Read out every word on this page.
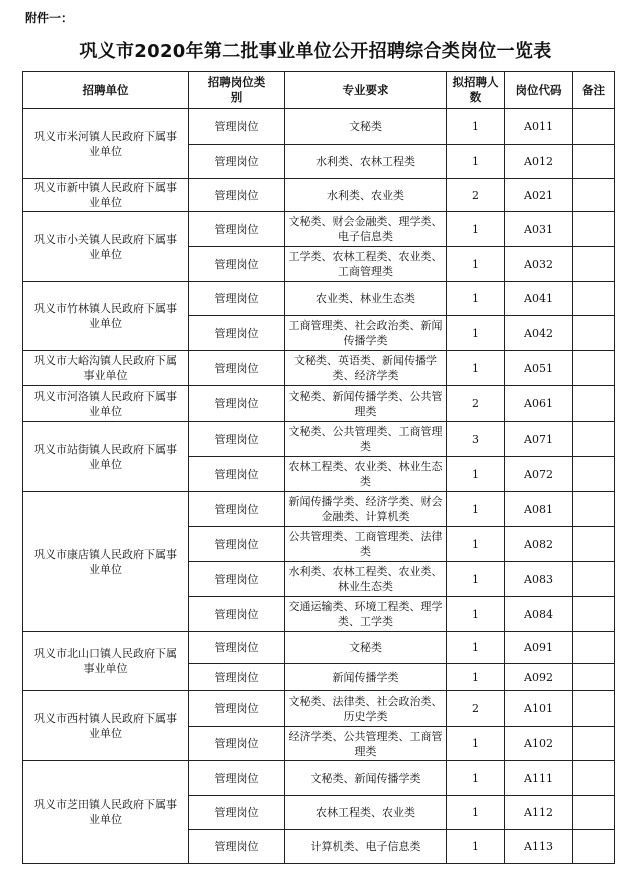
附件一：
巩义市2020年第二批事业单位公开招聘综合类岗位一览表
招聘单位	招聘岗位类别	专业要求	拟招聘人数	岗位代码	备注
巩义市米河镇人民政府下属事业单位	管理岗位	文秘类	1	A011	
	管理岗位	水利类、农林工程类	1	A012	
巩义市新中镇人民政府下属事业单位	管理岗位	水利类、农业类	2	A021	
巩义市小关镇人民政府下属事业单位	管理岗位	文秘类、财会金融类、理学类、电子信息类	1	A031	
	管理岗位	工学类、农林工程类、农业类、工商管理类	1	A032	
巩义市竹林镇人民政府下属事业单位	管理岗位	农业类、林业生态类	1	A041	
	管理岗位	工商管理类、社会政治类、新闻传播学类	1	A042	
巩义市大峪沟镇人民政府下属事业单位	管理岗位	文秘类、英语类、新闻传播学类、经济学类	1	A051	
巩义市河洛镇人民政府下属事业单位	管理岗位	文秘类、新闻传播学类、公共管理类	2	A061	
巩义市站街镇人民政府下属事业单位	管理岗位	文秘类、公共管理类、工商管理类	3	A071	
	管理岗位	农林工程类、农业类、林业生态类	1	A072	
巩义市康店镇人民政府下属事业单位	管理岗位	新闻传播学类、经济学类、财会金融类、计算机类	1	A081	
	管理岗位	公共管理类、工商管理类、法律类	1	A082	
	管理岗位	水利类、农林工程类、农业类、林业生态类	1	A083	
	管理岗位	交通运输类、环境工程类、理学类、工学类	1	A084	
巩义市北山口镇人民政府下属事业单位	管理岗位	文秘类	1	A091	
	管理岗位	新闻传播学类	1	A092	
巩义市西村镇人民政府下属事业单位	管理岗位	文秘类、法律类、社会政治类、历史学类	2	A101	
	管理岗位	经济学类、公共管理类、工商管理类	1	A102	
巩义市芝田镇人民政府下属事业单位	管理岗位	文秘类、新闻传播学类	1	A111	
	管理岗位	农林工程类、农业类	1	A112	
	管理岗位	计算机类、电子信息类	1	A113	
